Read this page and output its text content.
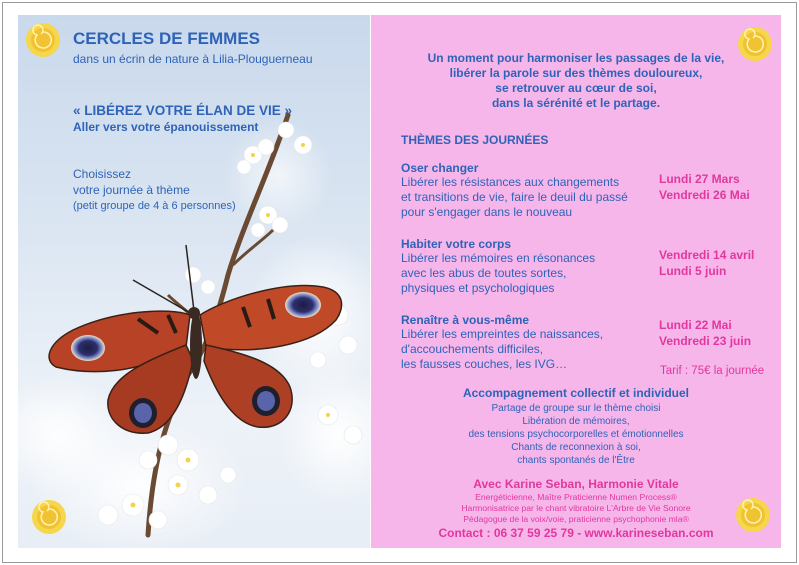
CERCLES DE FEMMES
dans un écrin de nature à Lilia-Plouguerneau
« LIBÉREZ VOTRE ÉLAN DE VIE »
Aller vers votre épanouissement
Choisissez
votre journée à thème
(petit groupe de 4 à 6 personnes)
Un moment pour harmoniser les passages de la vie,
libérer la parole sur des thèmes douloureux,
se retrouver au cœur de soi,
dans la sérénité et le partage.
THÈMES DES JOURNÉES
Oser changer
Libérer les résistances aux changements
et transitions de vie, faire le deuil du passé
pour s'engager dans le nouveau
Lundi 27 Mars
Vendredi 26 Mai
Habiter votre corps
Libérer les mémoires en résonances
avec les abus de toutes sortes,
physiques et psychologiques
Vendredi 14 avril
Lundi 5 juin
Renaître à vous-même
Libérer les empreintes de naissances,
d'accouchements difficiles,
les fausses couches, les IVG…
Lundi 22 Mai
Vendredi 23 juin
Tarif : 75€ la journée
Accompagnement collectif et individuel
Partage de groupe sur le thème choisi
Libération de mémoires,
des tensions psychocorporelles et émotionnelles
Chants de reconnexion à soi,
chants spontanés de l'Être
Avec Karine Seban, Harmonie Vitale
Energéticienne, Maître Praticienne Numen Process®
Harmonisatrice par le chant vibratoire L'Arbre de Vie Sonore
Pédagogue de la voix/voie, praticienne psychophonie mla®
Contact : 06 37 59 25 79 - www.karineseban.com
